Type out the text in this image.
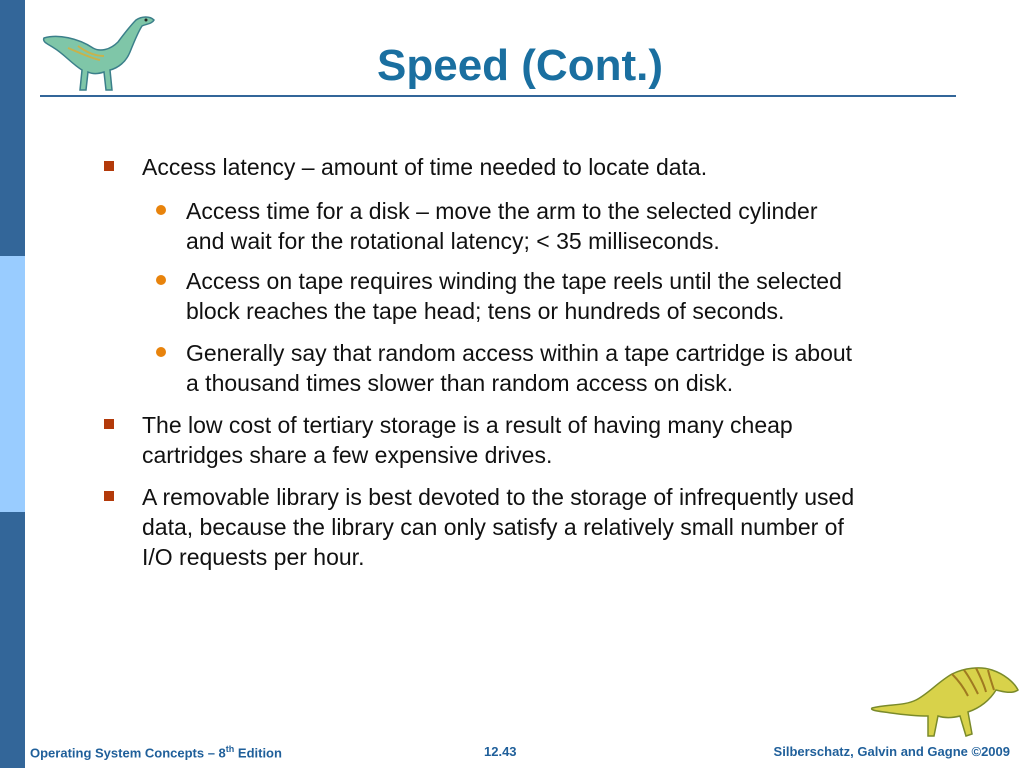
Speed (Cont.)
Access latency – amount of time needed to locate data.
Access time for a disk – move the arm to the selected cylinder
and wait for the rotational latency; < 35 milliseconds.
Access on tape requires winding the tape reels until the selected
block reaches the tape head; tens or hundreds of seconds.
Generally say that random access within a tape cartridge is about
a thousand times slower than random access on disk.
The low cost of tertiary storage is a result of having many cheap
cartridges share a few expensive drives.
A removable library is best devoted to the storage of infrequently used
data, because the library can only satisfy a relatively small number of
I/O requests per hour.
Operating System Concepts – 8th Edition	12.43	Silberschatz, Galvin and Gagne ©2009
